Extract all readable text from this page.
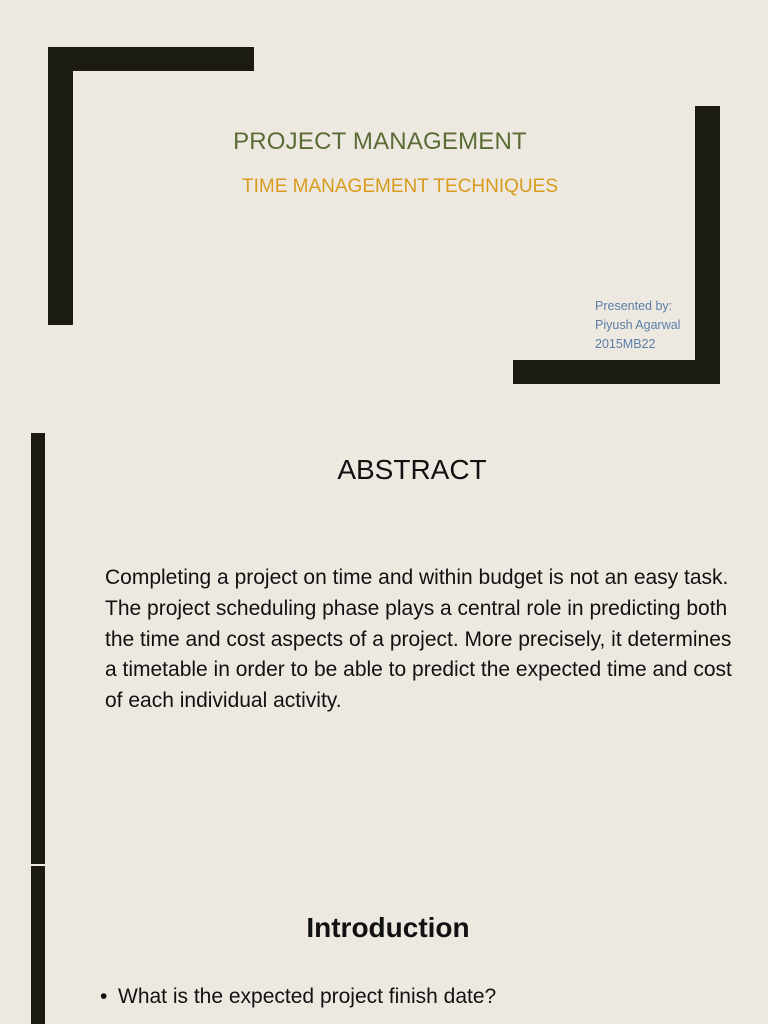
PROJECT MANAGEMENT
TIME MANAGEMENT TECHNIQUES
Presented by:
Piyush Agarwal
2015MB22
ABSTRACT
Completing a project on time and within budget is not an easy task. The project scheduling phase plays a central role in predicting both the time and cost aspects of a project. More precisely, it determines a timetable in order to be able to predict the expected time and cost of each individual activity.
Introduction
• What is the expected project finish date?
